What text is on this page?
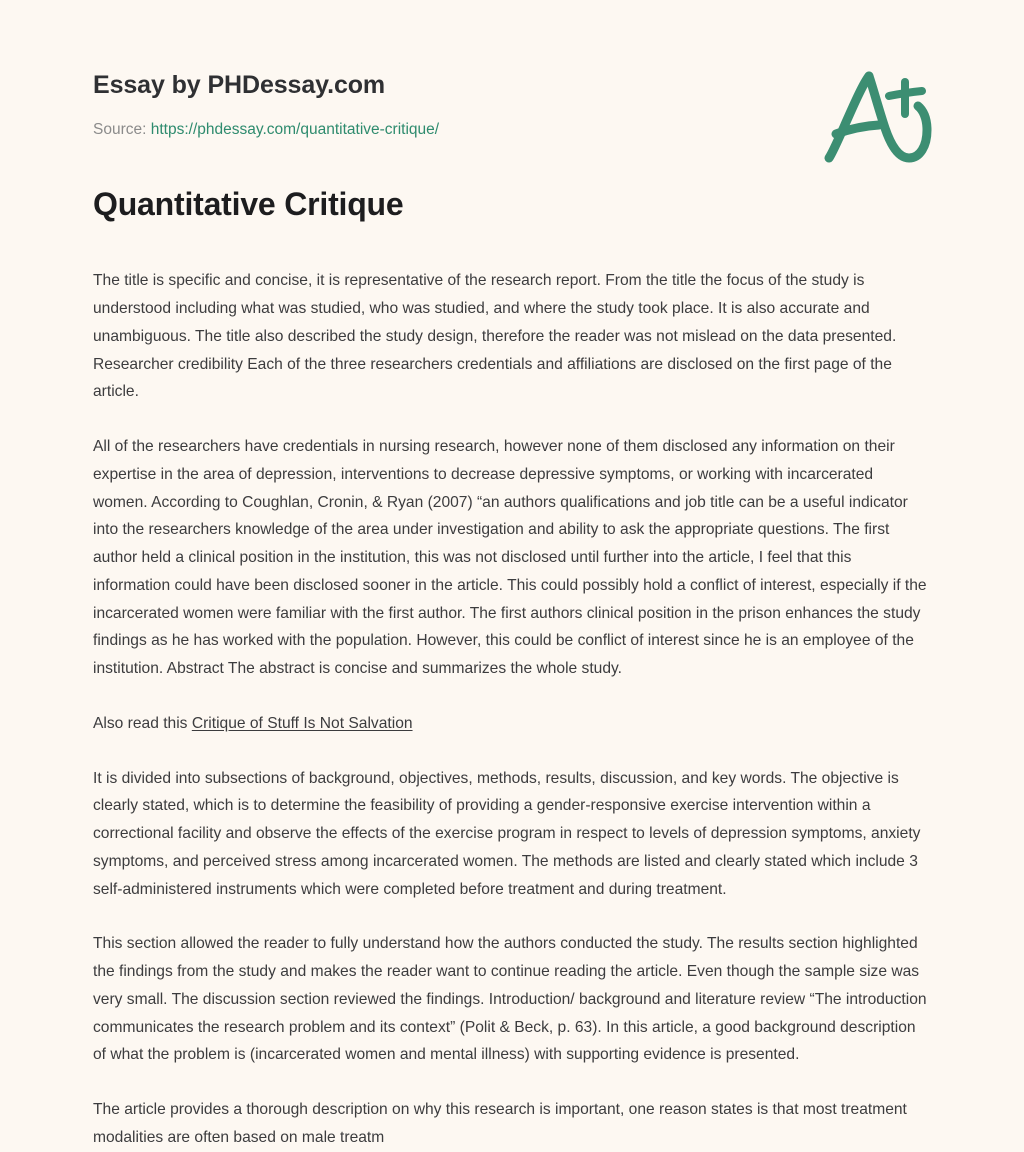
Essay by PHDessay.com
Source: https://phdessay.com/quantitative-critique/
Quantitative Critique

The title is specific and concise, it is representative of the research report. From the title the focus of the study is understood including what was studied, who was studied, and where the study took place. It is also accurate and unambiguous. The title also described the study design, therefore the reader was not mislead on the data presented. Researcher credibility Each of the three researchers credentials and affiliations are disclosed on the first page of the article.

All of the researchers have credentials in nursing research, however none of them disclosed any information on their expertise in the area of depression, interventions to decrease depressive symptoms, or working with incarcerated women. According to Coughlan, Cronin, & Ryan (2007) “an authors qualifications and job title can be a useful indicator into the researchers knowledge of the area under investigation and ability to ask the appropriate questions. The first author held a clinical position in the institution, this was not disclosed until further into the article, I feel that this information could have been disclosed sooner in the article. This could possibly hold a conflict of interest, especially if the incarcerated women were familiar with the first author. The first authors clinical position in the prison enhances the study findings as he has worked with the population. However, this could be conflict of interest since he is an employee of the institution. Abstract The abstract is concise and summarizes the whole study.

Also read this Critique of Stuff Is Not Salvation

It is divided into subsections of background, objectives, methods, results, discussion, and key words. The objective is clearly stated, which is to determine the feasibility of providing a gender-responsive exercise intervention within a correctional facility and observe the effects of the exercise program in respect to levels of depression symptoms, anxiety symptoms, and perceived stress among incarcerated women. The methods are listed and clearly stated which include 3 self-administered instruments which were completed before treatment and during treatment.

This section allowed the reader to fully understand how the authors conducted the study. The results section highlighted the findings from the study and makes the reader want to continue reading the article. Even though the sample size was very small. The discussion section reviewed the findings. Introduction/ background and literature review “The introduction communicates the research problem and its context” (Polit & Beck, p. 63). In this article, a good background description of what the problem is (incarcerated women and mental illness) with supporting evidence is presented.

The article provides a thorough description on why this research is important, one reason states is that most treatment modalities are often based on male treatm
